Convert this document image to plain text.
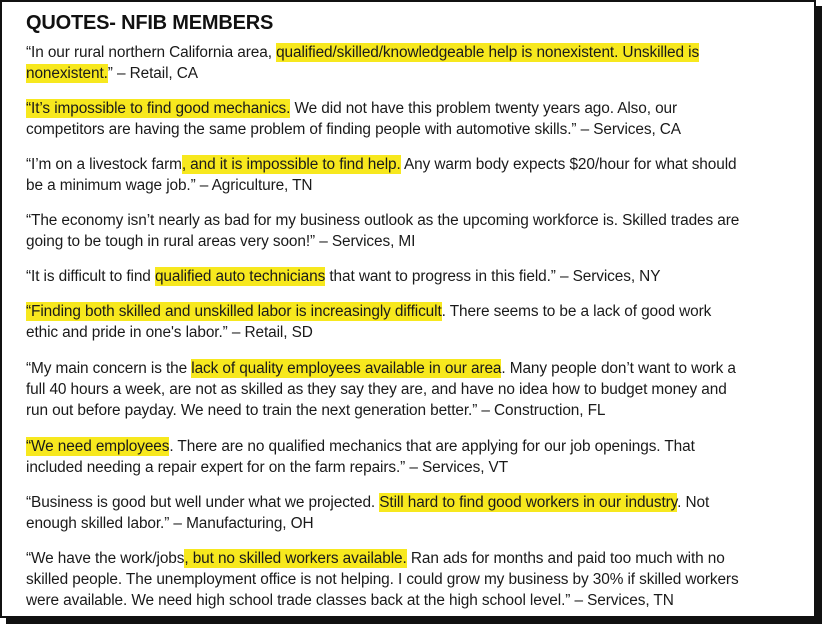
QUOTES- NFIB MEMBERS
“In our rural northern California area, qualified/skilled/knowledgeable help is nonexistent. Unskilled is
nonexistent.” – Retail, CA
“It’s impossible to find good mechanics. We did not have this problem twenty years ago. Also, our
competitors are having the same problem of finding people with automotive skills.” – Services, CA
“I’m on a livestock farm, and it is impossible to find help. Any warm body expects $20/hour for what should
be a minimum wage job.” – Agriculture, TN
“The economy isn’t nearly as bad for my business outlook as the upcoming workforce is. Skilled trades are
going to be tough in rural areas very soon!” – Services, MI
“It is difficult to find qualified auto technicians that want to progress in this field.” – Services, NY
“Finding both skilled and unskilled labor is increasingly difficult. There seems to be a lack of good work
ethic and pride in one's labor.” – Retail, SD
“My main concern is the lack of quality employees available in our area. Many people don’t want to work a
full 40 hours a week, are not as skilled as they say they are, and have no idea how to budget money and
run out before payday. We need to train the next generation better.” – Construction, FL
“We need employees. There are no qualified mechanics that are applying for our job openings. That
included needing a repair expert for on the farm repairs.” – Services, VT
“Business is good but well under what we projected. Still hard to find good workers in our industry. Not
enough skilled labor.” – Manufacturing, OH
“We have the work/jobs, but no skilled workers available. Ran ads for months and paid too much with no
skilled people. The unemployment office is not helping. I could grow my business by 30% if skilled workers
were available. We need high school trade classes back at the high school level.” – Services, TN
